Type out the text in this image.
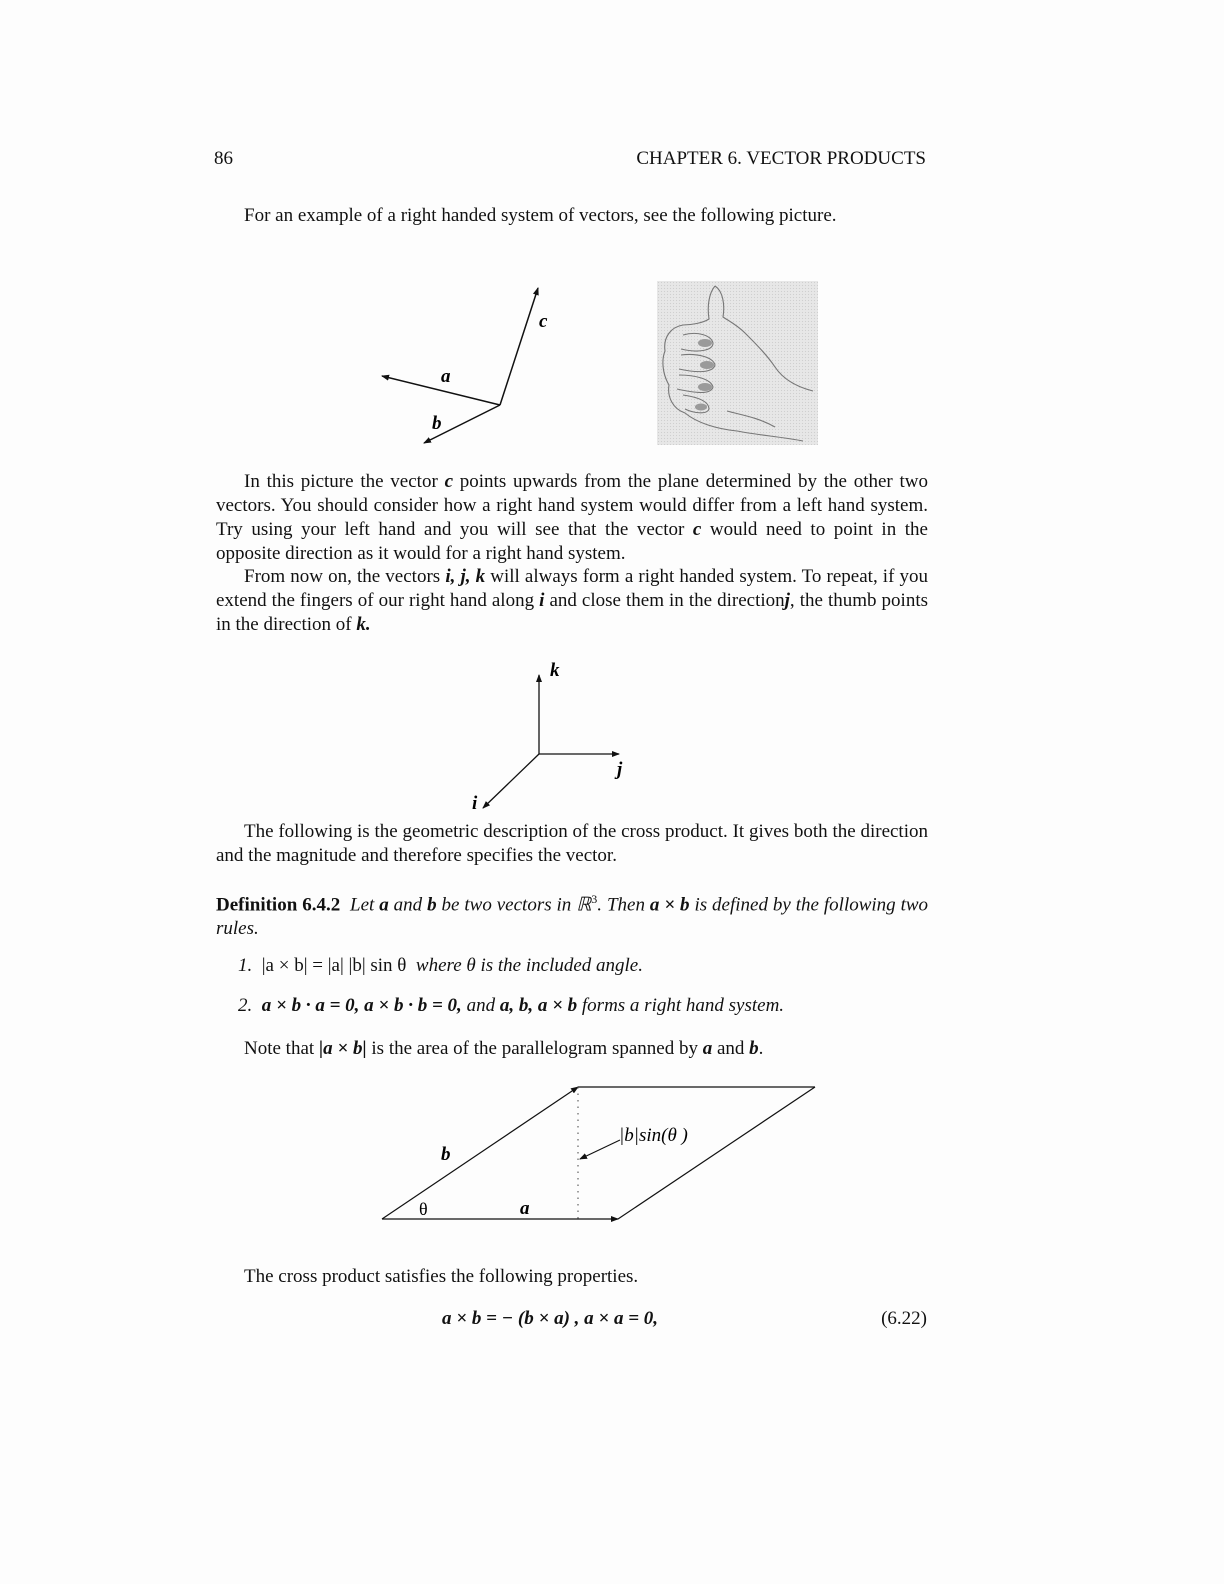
86	CHAPTER 6. VECTOR PRODUCTS

For an example of a right handed system of vectors, see the following picture.

a
b
c

In this picture the vector c points upwards from the plane determined by the other two vectors. You should consider how a right hand system would differ from a left hand system. Try using your left hand and you will see that the vector c would need to point in the opposite direction as it would for a right hand system.

From now on, the vectors i, j, k will always form a right handed system. To repeat, if you extend the fingers of our right hand along i and close them in the directionj, the thumb points in the direction of k.

k
j
i

The following is the geometric description of the cross product. It gives both the direction and the magnitude and therefore specifies the vector.

Definition 6.4.2 Let a and b be two vectors in ℝ$^3$. Then a × b is defined by the following two rules.

1. |a × b| = |a| |b| sin θ where θ is the included angle.
2. a × b · a = 0, a × b · b = 0, and a, b, a × b forms a right hand system.

Note that |a × b| is the area of the parallelogram spanned by a and b.

b
θ	a
|b|sin(θ )

The cross product satisfies the following properties.

a × b = − (b × a) , a × a = 0,	(6.22)
